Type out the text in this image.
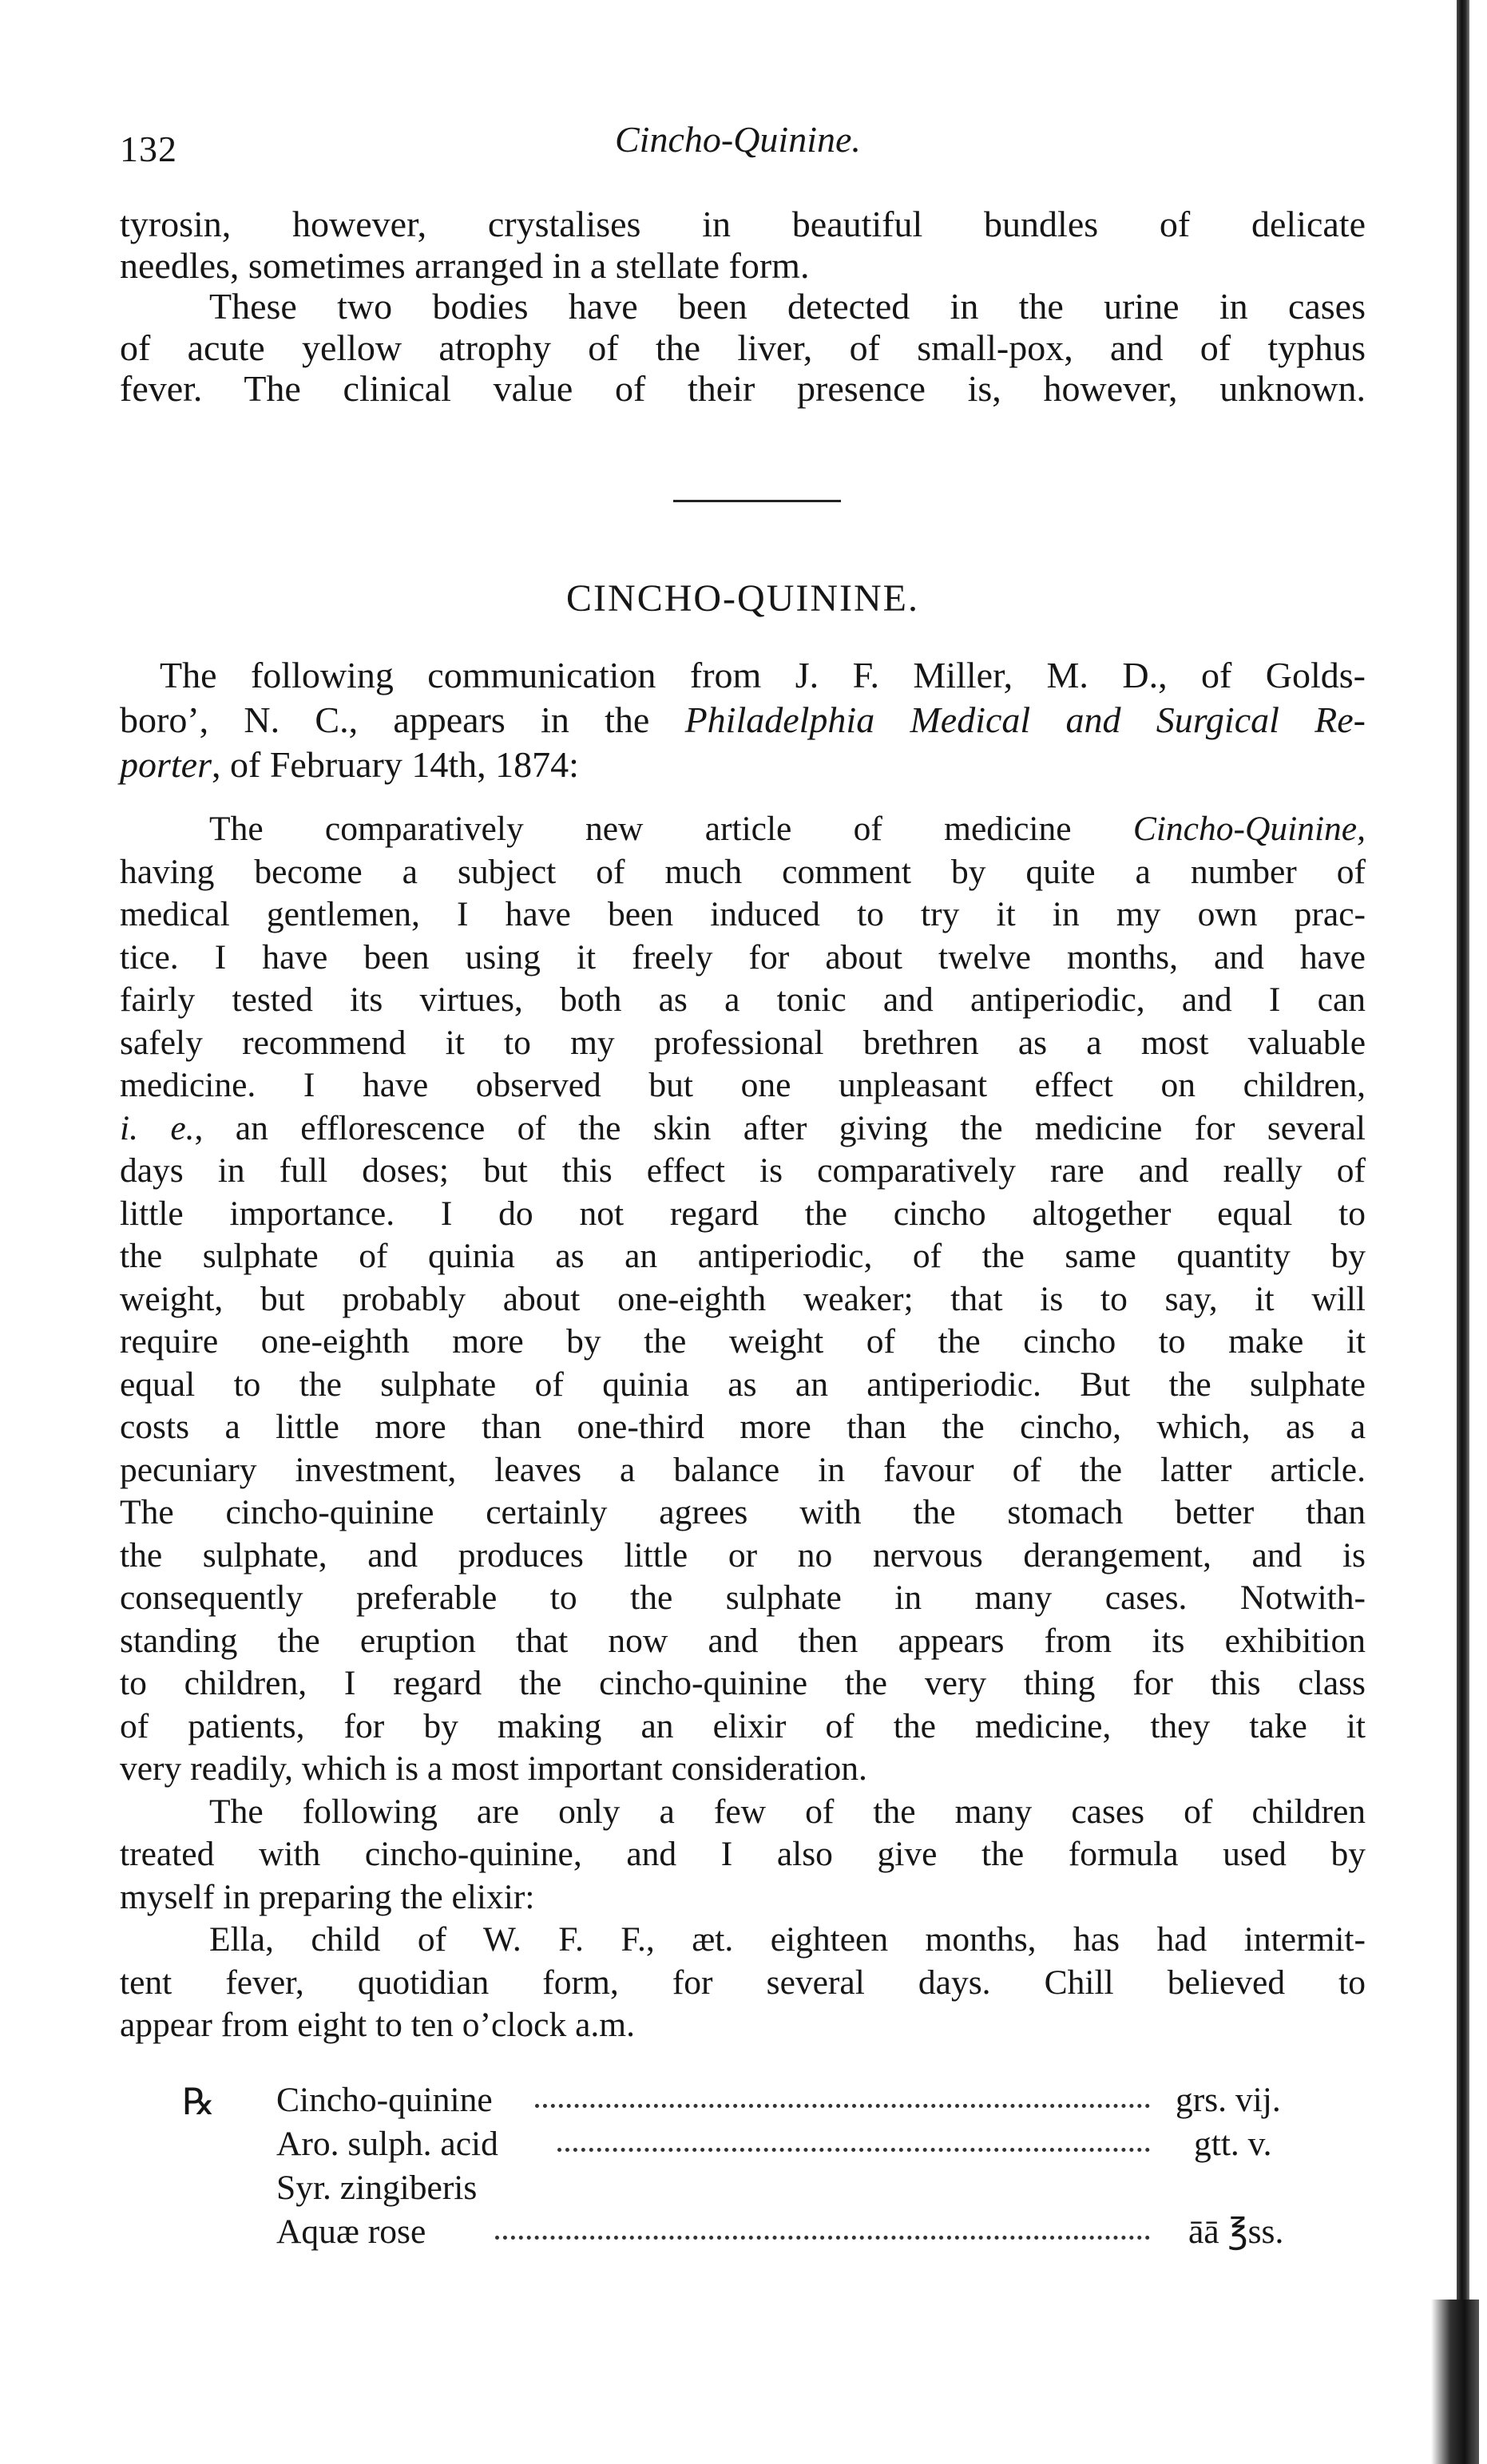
132	Cincho-Quinine.
tyrosin, however, crystalises in beautiful bundles of delicate
needles, sometimes arranged in a stellate form.
These two bodies have been detected in the urine in cases
of acute yellow atrophy of the liver, of small-pox, and of typhus
fever. The clinical value of their presence is, however, unknown.
CINCHO-QUININE.
The following communication from J. F. Miller, M. D., of Golds-
boro’, N. C., appears in the Philadelphia Medical and Surgical Re-
porter, of February 14th, 1874:
The comparatively new article of medicine Cincho-Quinine,
having become a subject of much comment by quite a number of
medical gentlemen, I have been induced to try it in my own prac-
tice. I have been using it freely for about twelve months, and have
fairly tested its virtues, both as a tonic and antiperiodic, and I can
safely recommend it to my professional brethren as a most valuable
medicine. I have observed but one unpleasant effect on children,
i. e., an efflorescence of the skin after giving the medicine for several
days in full doses; but this effect is comparatively rare and really of
little importance. I do not regard the cincho altogether equal to
the sulphate of quinia as an antiperiodic, of the same quantity by
weight, but probably about one-eighth weaker; that is to say, it will
require one-eighth more by the weight of the cincho to make it
equal to the sulphate of quinia as an antiperiodic. But the sulphate
costs a little more than one-third more than the cincho, which, as a
pecuniary investment, leaves a balance in favour of the latter article.
The cincho-quinine certainly agrees with the stomach better than
the sulphate, and produces little or no nervous derangement, and is
consequently preferable to the sulphate in many cases. Notwith-
standing the eruption that now and then appears from its exhibition
to children, I regard the cincho-quinine the very thing for this class
of patients, for by making an elixir of the medicine, they take it
very readily, which is a most important consideration.
The following are only a few of the many cases of children
treated with cincho-quinine, and I also give the formula used by
myself in preparing the elixir:
Ella, child of W. F. F., æt. eighteen months, has had intermit-
tent fever, quotidian form, for several days. Chill believed to
appear from eight to ten o’clock a.m.
℞ Cincho-quinine	grs. vij.
Aro. sulph. acid	gtt. v.
Syr. zingiberis
Aquæ rose	āā ℥ss.
